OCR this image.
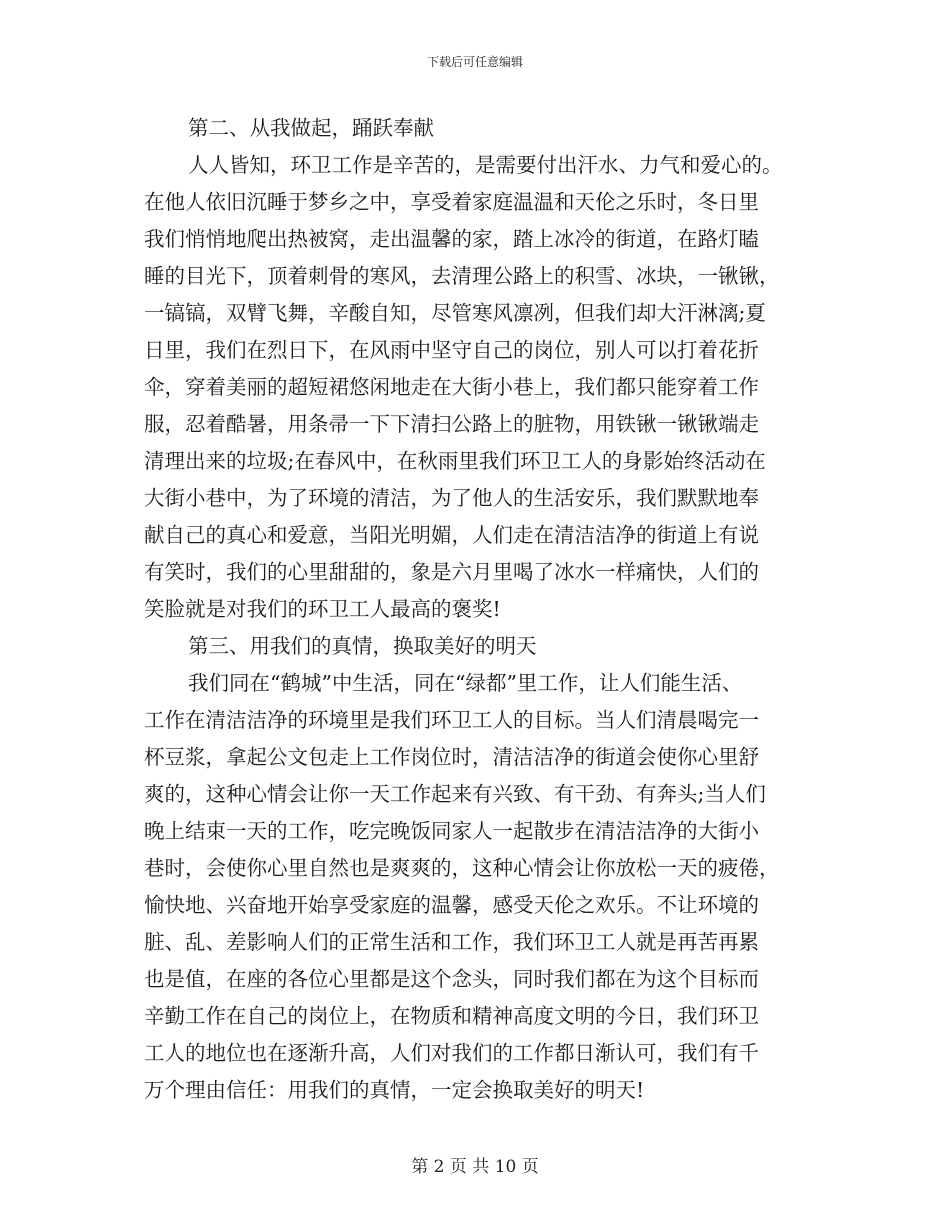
下载后可任意编辑
第二、从我做起，踊跃奉献
人人皆知，环卫工作是辛苦的，是需要付出汗水、力气和爱心的。
在他人依旧沉睡于梦乡之中，享受着家庭温温和天伦之乐时，冬日里
我们悄悄地爬出热被窝，走出温馨的家，踏上冰冷的街道，在路灯瞌
睡的目光下，顶着刺骨的寒风，去清理公路上的积雪、冰块，一锹锹，
一镐镐，双臂飞舞，辛酸自知，尽管寒风凛冽，但我们却大汗淋漓;夏
日里，我们在烈日下，在风雨中坚守自己的岗位，别人可以打着花折
伞，穿着美丽的超短裙悠闲地走在大街小巷上，我们都只能穿着工作
服，忍着酷暑，用条帚一下下清扫公路上的脏物，用铁锹一锹锹端走
清理出来的垃圾;在春风中，在秋雨里我们环卫工人的身影始终活动在
大街小巷中，为了环境的清洁，为了他人的生活安乐，我们默默地奉
献自己的真心和爱意，当阳光明媚，人们走在清洁洁净的街道上有说
有笑时，我们的心里甜甜的，象是六月里喝了冰水一样痛快，人们的
笑脸就是对我们的环卫工人最高的褒奖!
第三、用我们的真情，换取美好的明天
我们同在“鹤城”中生活，同在“绿都”里工作，让人们能生活、
工作在清洁洁净的环境里是我们环卫工人的目标。当人们清晨喝完一
杯豆浆，拿起公文包走上工作岗位时，清洁洁净的街道会使你心里舒
爽的，这种心情会让你一天工作起来有兴致、有干劲、有奔头;当人们
晚上结束一天的工作，吃完晚饭同家人一起散步在清洁洁净的大街小
巷时，会使你心里自然也是爽爽的，这种心情会让你放松一天的疲倦，
愉快地、兴奋地开始享受家庭的温馨，感受天伦之欢乐。不让环境的
脏、乱、差影响人们的正常生活和工作，我们环卫工人就是再苦再累
也是值，在座的各位心里都是这个念头，同时我们都在为这个目标而
辛勤工作在自己的岗位上，在物质和精神高度文明的今日，我们环卫
工人的地位也在逐渐升高，人们对我们的工作都日渐认可，我们有千
万个理由信任：用我们的真情，一定会换取美好的明天!
第 2 页 共 10 页
